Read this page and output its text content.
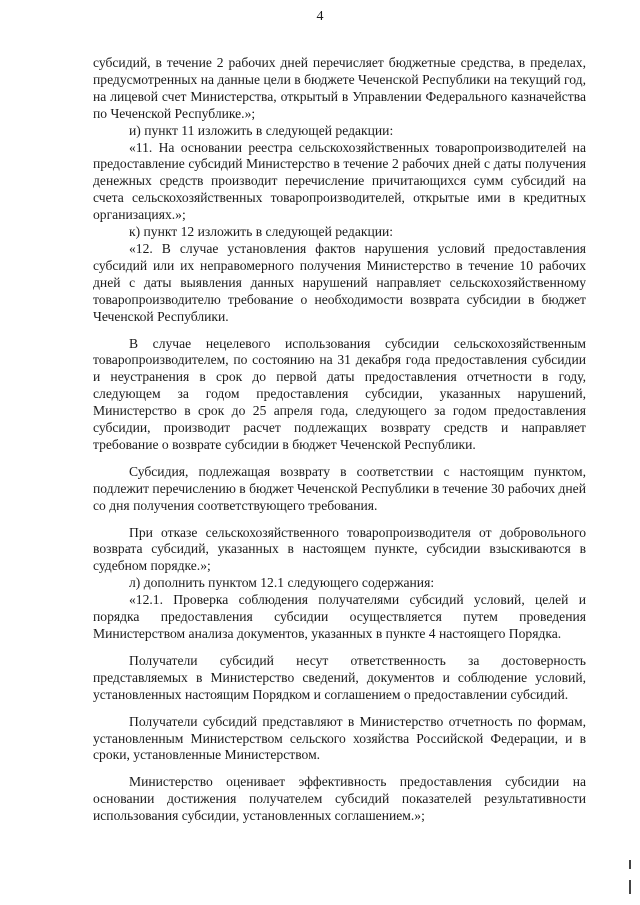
4

субсидий, в течение 2 рабочих дней перечисляет бюджетные средства, в пределах, предусмотренных на данные цели в бюджете Чеченской Республики на текущий год, на лицевой счет Министерства, открытый в Управлении Федерального казначейства по Чеченской Республике.»;

и) пункт 11 изложить в следующей редакции:

«11. На основании реестра сельскохозяйственных товаропроизводителей на предоставление субсидий Министерство в течение 2 рабочих дней с даты получения денежных средств производит перечисление причитающихся сумм субсидий на счета сельскохозяйственных товаропроизводителей, открытые ими в кредитных организациях.»;

к) пункт 12 изложить в следующей редакции:

«12. В случае установления фактов нарушения условий предоставления субсидий или их неправомерного получения Министерство в течение 10 рабочих дней с даты выявления данных нарушений направляет сельскохозяйственному товаропроизводителю требование о необходимости возврата субсидии в бюджет Чеченской Республики.

В случае нецелевого использования субсидии сельскохозяйственным товаропроизводителем, по состоянию на 31 декабря года предоставления субсидии и неустранения в срок до первой даты предоставления отчетности в году, следующем за годом предоставления субсидии, указанных нарушений, Министерство в срок до 25 апреля года, следующего за годом предоставления субсидии, производит расчет подлежащих возврату средств и направляет требование о возврате субсидии в бюджет Чеченской Республики.

Субсидия, подлежащая возврату в соответствии с настоящим пунктом, подлежит перечислению в бюджет Чеченской Республики в течение 30 рабочих дней со дня получения соответствующего требования.

При отказе сельскохозяйственного товаропроизводителя от добровольного возврата субсидий, указанных в настоящем пункте, субсидии взыскиваются в судебном порядке.»;

л) дополнить пунктом 12.1 следующего содержания:

«12.1. Проверка соблюдения получателями субсидий условий, целей и порядка предоставления субсидии осуществляется путем проведения Министерством анализа документов, указанных в пункте 4 настоящего Порядка.

Получатели субсидий несут ответственность за достоверность представляемых в Министерство сведений, документов и соблюдение условий, установленных настоящим Порядком и соглашением о предоставлении субсидий.

Получатели субсидий представляют в Министерство отчетность по формам, установленным Министерством сельского хозяйства Российской Федерации, и в сроки, установленные Министерством.

Министерство оценивает эффективность предоставления субсидии на основании достижения получателем субсидий показателей результативности использования субсидии, установленных соглашением.»;
